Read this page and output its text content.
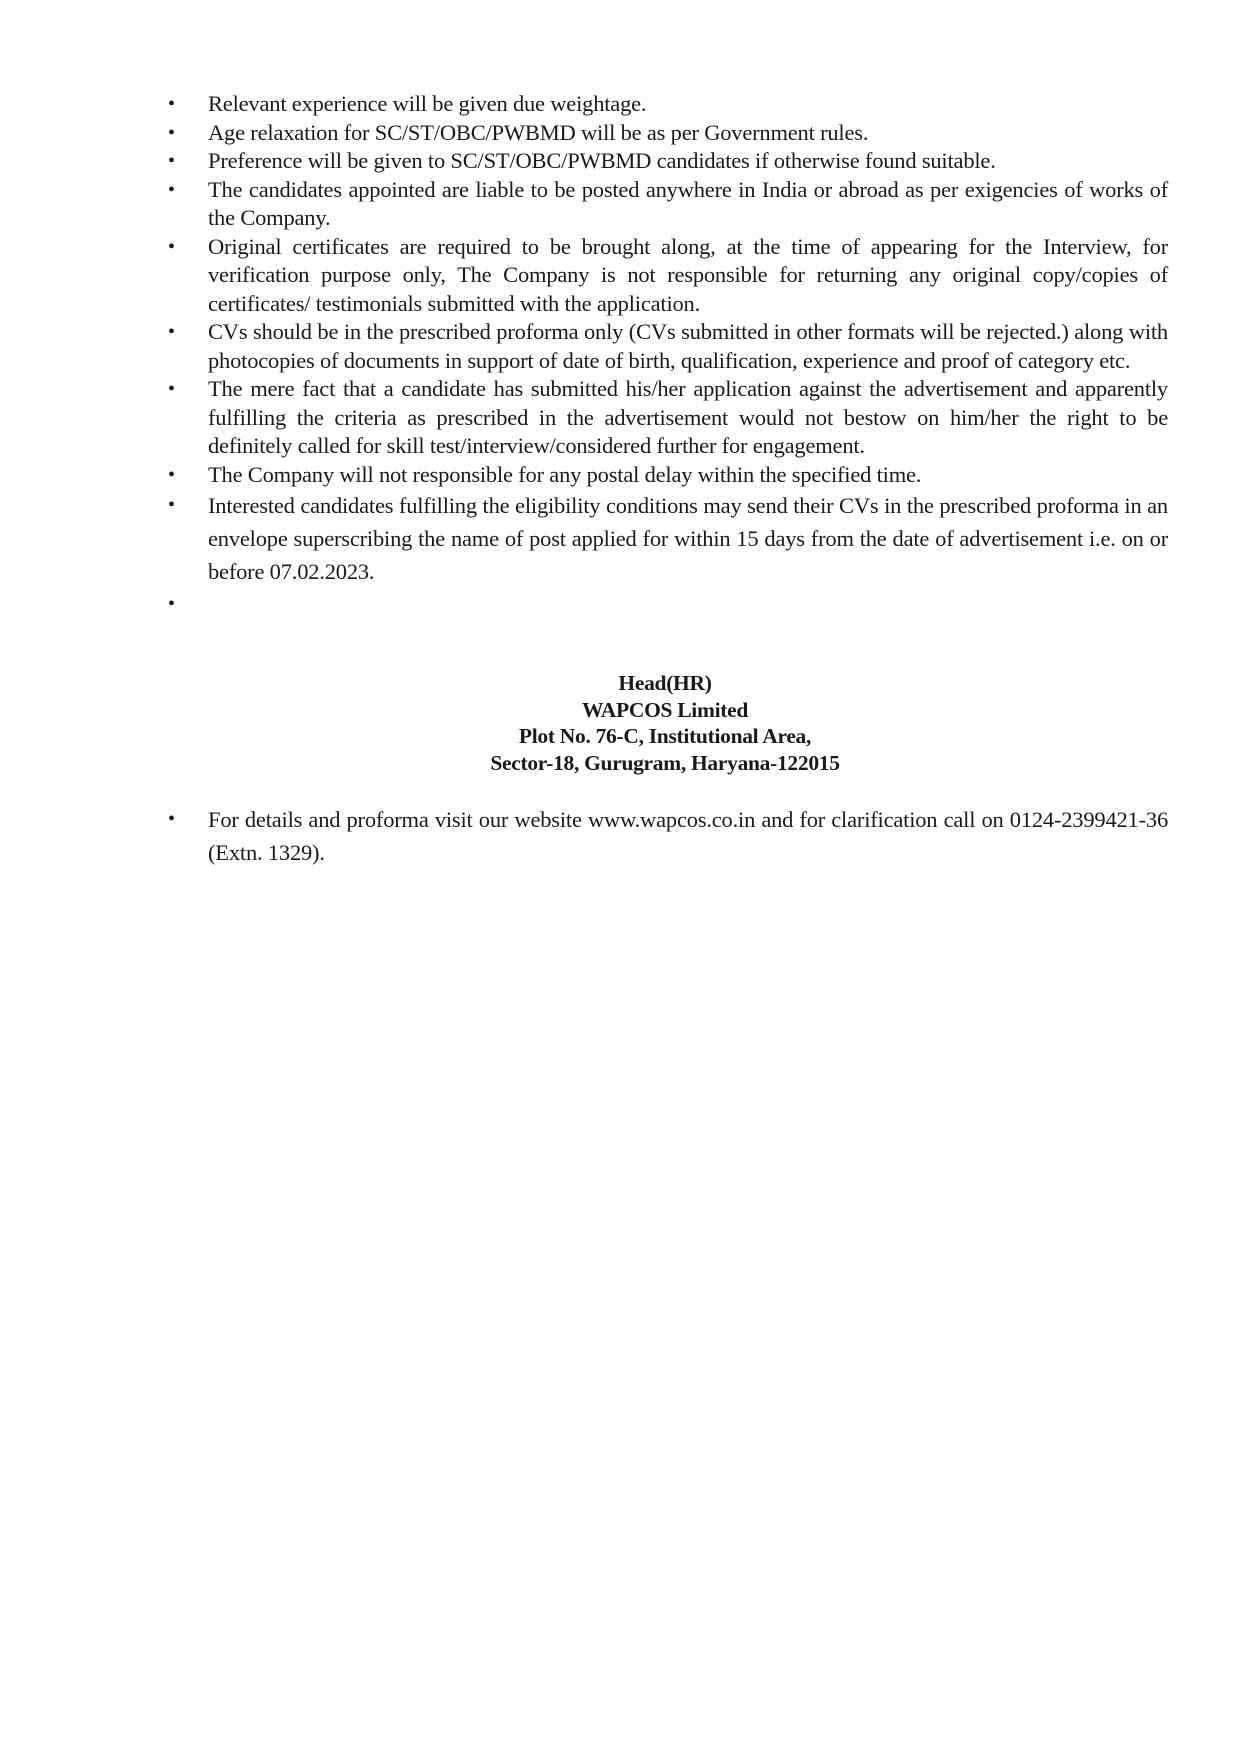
•	Relevant experience will be given due weightage.
•	Age relaxation for SC/ST/OBC/PWBMD will be as per Government rules.
•	Preference will be given to SC/ST/OBC/PWBMD candidates if otherwise found suitable.
•	The candidates appointed are liable to be posted anywhere in India or abroad as per exigencies of works of the Company.
•	Original certificates are required to be brought along, at the time of appearing for the Interview, for verification purpose only, The Company is not responsible for returning any original copy/copies of certificates/ testimonials submitted with the application.
•	CVs should be in the prescribed proforma only (CVs submitted in other formats will be rejected.) along with photocopies of documents in support of date of birth, qualification, experience and proof of category etc.
•	The mere fact that a candidate has submitted his/her application against the advertisement and apparently fulfilling the criteria as prescribed in the advertisement would not bestow on him/her the right to be definitely called for skill test/interview/considered further for engagement.
•	The Company will not responsible for any postal delay within the specified time.
•	Interested candidates fulfilling the eligibility conditions may send their CVs in the prescribed proforma in an envelope superscribing the name of post applied for within 15 days from the date of advertisement i.e. on or before 07.02.2023.
•

Head(HR)
WAPCOS Limited
Plot No. 76-C, Institutional Area,
Sector-18, Gurugram, Haryana-122015
•	For details and proforma visit our website www.wapcos.co.in and for clarification call on 0124-2399421-36 (Extn. 1329).
